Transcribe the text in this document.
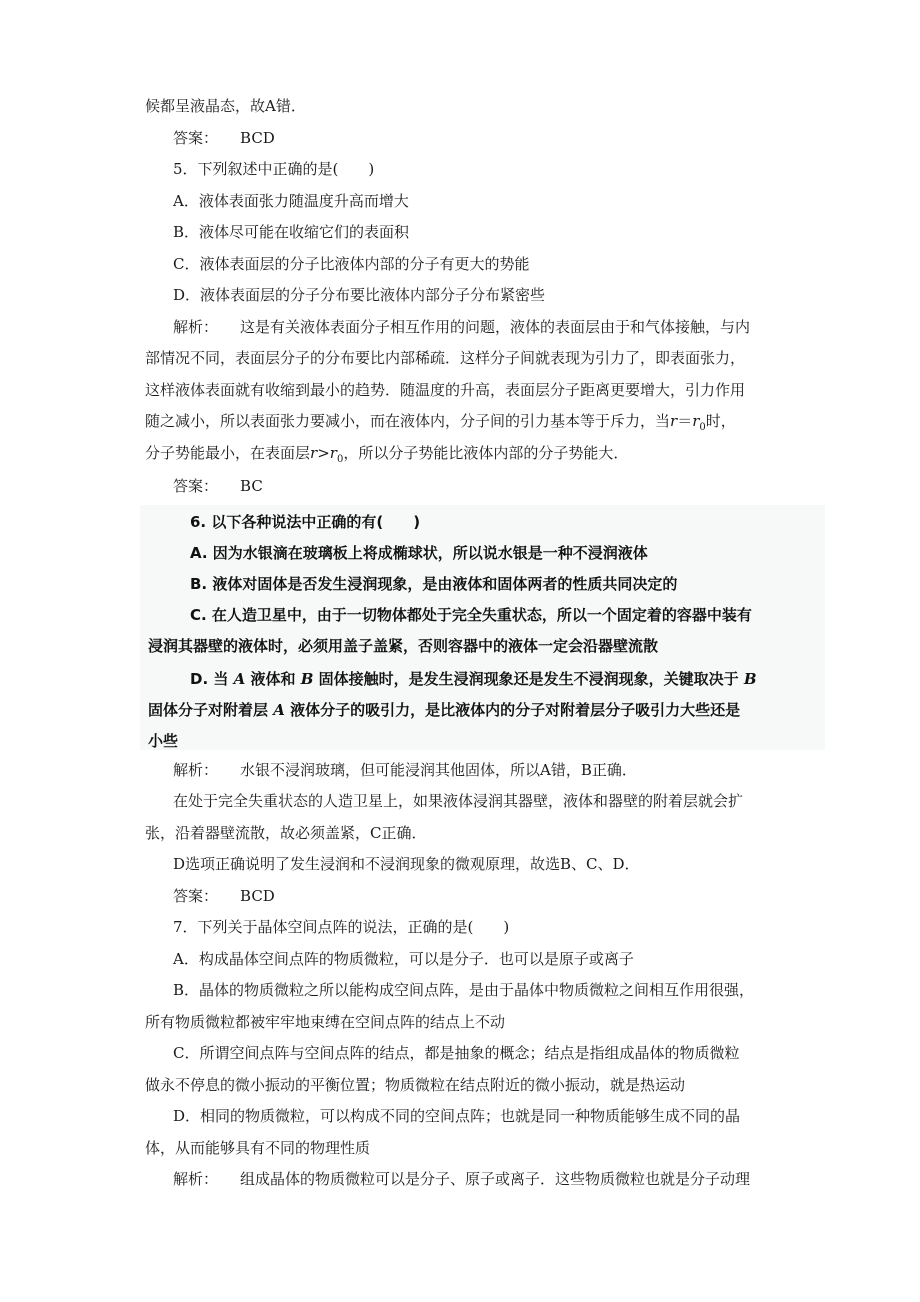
候都呈液晶态，故A错．
答案： BCD
5．下列叙述中正确的是(　　)
A．液体表面张力随温度升高而增大
B．液体尽可能在收缩它们的表面积
C．液体表面层的分子比液体内部的分子有更大的势能
D．液体表面层的分子分布要比液体内部分子分布紧密些
解析： 这是有关液体表面分子相互作用的问题，液体的表面层由于和气体接触，与内
部情况不同，表面层分子的分布要比内部稀疏．这样分子间就表现为引力了，即表面张力，
这样液体表面就有收缩到最小的趋势．随温度的升高，表面层分子距离更要增大，引力作用
随之减小，所以表面张力要减小，而在液体内，分子间的引力基本等于斥力，当$r=r_0$时，
分子势能最小，在表面层$r>r_0$，所以分子势能比液体内部的分子势能大．
答案： BC
6. 以下各种说法中正确的有(　　)
A. 因为水银滴在玻璃板上将成椭球状，所以说水银是一种不浸润液体
B. 液体对固体是否发生浸润现象，是由液体和固体两者的性质共同决定的
C. 在人造卫星中，由于一切物体都处于完全失重状态，所以一个固定着的容器中装有
浸润其器壁的液体时，必须用盖子盖紧，否则容器中的液体一定会沿器壁流散
D. 当 A 液体和 B 固体接触时，是发生浸润现象还是发生不浸润现象，关键取决于 B
固体分子对附着层 A 液体分子的吸引力，是比液体内的分子对附着层分子吸引力大些还是
小些
解析： 水银不浸润玻璃，但可能浸润其他固体，所以A错，B正确．
在处于完全失重状态的人造卫星上，如果液体浸润其器壁，液体和器壁的附着层就会扩
张，沿着器壁流散，故必须盖紧，C正确．
D选项正确说明了发生浸润和不浸润现象的微观原理，故选B、C、D．
答案： BCD
7．下列关于晶体空间点阵的说法，正确的是(　　)
A．构成晶体空间点阵的物质微粒，可以是分子．也可以是原子或离子
B．晶体的物质微粒之所以能构成空间点阵，是由于晶体中物质微粒之间相互作用很强，
所有物质微粒都被牢牢地束缚在空间点阵的结点上不动
C．所谓空间点阵与空间点阵的结点，都是抽象的概念；结点是指组成晶体的物质微粒
做永不停息的微小振动的平衡位置；物质微粒在结点附近的微小振动，就是热运动
D．相同的物质微粒，可以构成不同的空间点阵；也就是同一种物质能够生成不同的晶
体，从而能够具有不同的物理性质
解析： 组成晶体的物质微粒可以是分子、原子或离子．这些物质微粒也就是分子动理
